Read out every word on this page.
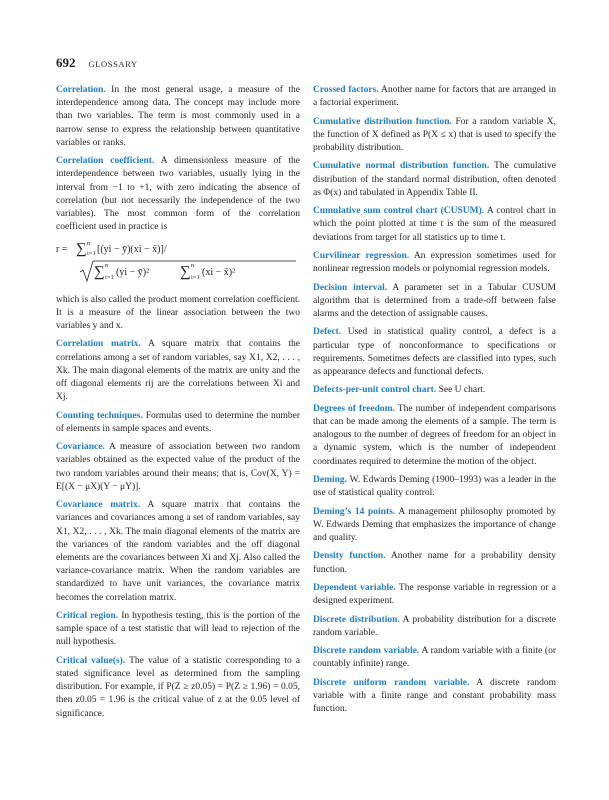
692 GLOSSARY

Correlation. In the most general usage, a measure of the interdependence among data. The concept may include more than two variables. The term is most commonly used in a narrow sense to express the relationship between quantitative variables or ranks.

Correlation coefficient. A dimensionless measure of the interdependence between two variables, usually lying in the interval from −1 to +1, with zero indicating the absence of correlation (but not necessarily the independence of the two variables). The most common form of the correlation coefficient used in practice is

r = ∑ n
i=1 [(yi − ȳ)(xi − x̄)]/
∑ n
i=1 (yi − ȳ)² ∑ n
i=1 (xi − x̄)²

which is also called the product moment correlation coefficient. It is a measure of the linear association between the two variables y and x.

Correlation matrix. A square matrix that contains the correlations among a set of random variables, say X1, X2, . . . , Xk. The main diagonal elements of the matrix are unity and the off diagonal elements rij are the correlations between Xi and Xj.

Counting techniques. Formulas used to determine the number of elements in sample spaces and events.

Covariance. A measure of association between two random variables obtained as the expected value of the product of the two random variables around their means; that is, Cov(X, Y) = E[(X − μX)(Y − μY)].

Covariance matrix. A square matrix that contains the variances and covariances among a set of random variables, say X1, X2, . . . , Xk. The main diagonal elements of the matrix are the variances of the random variables and the off diagonal elements are the covariances between Xi and Xj. Also called the variance-covariance matrix. When the random variables are standardized to have unit variances, the covariance matrix becomes the correlation matrix.

Critical region. In hypothesis testing, this is the portion of the sample space of a test statistic that will lead to rejection of the null hypothesis.

Critical value(s). The value of a statistic corresponding to a stated significance level as determined from the sampling distribution. For example, if P(Z ≥ z0.05) = P(Z ≥ 1.96) = 0.05, then z0.05 = 1.96 is the critical value of z at the 0.05 level of significance.

Crossed factors. Another name for factors that are arranged in a factorial experiment.

Cumulative distribution function. For a random variable X, the function of X defined as P(X ≤ x) that is used to specify the probability distribution.

Cumulative normal distribution function. The cumulative distribution of the standard normal distribution, often denoted as Φ(x) and tabulated in Appendix Table II.

Cumulative sum control chart (CUSUM). A control chart in which the point plotted at time t is the sum of the measured deviations from target for all statistics up to time t.

Curvilinear regression. An expression sometimes used for nonlinear regression models or polynomial regression models.

Decision interval. A parameter set in a Tabular CUSUM algorithm that is determined from a trade-off between false alarms and the detection of assignable causes.

Defect. Used in statistical quality control, a defect is a particular type of nonconformance to specifications or requirements. Sometimes defects are classified into types, such as appearance defects and functional defects.

Defects-per-unit control chart. See U chart.

Degrees of freedom. The number of independent comparisons that can be made among the elements of a sample. The term is analogous to the number of degrees of freedom for an object in a dynamic system, which is the number of independent coordinates required to determine the motion of the object.

Deming. W. Edwards Deming (1900–1993) was a leader in the use of statistical quality control.

Deming’s 14 points. A management philosophy promoted by W. Edwards Deming that emphasizes the importance of change and quality.

Density function. Another name for a probability density function.

Dependent variable. The response variable in regression or a designed experiment.

Discrete distribution. A probability distribution for a discrete random variable.

Discrete random variable. A random variable with a finite (or countably infinite) range.

Discrete uniform random variable. A discrete random variable with a finite range and constant probability mass function.
